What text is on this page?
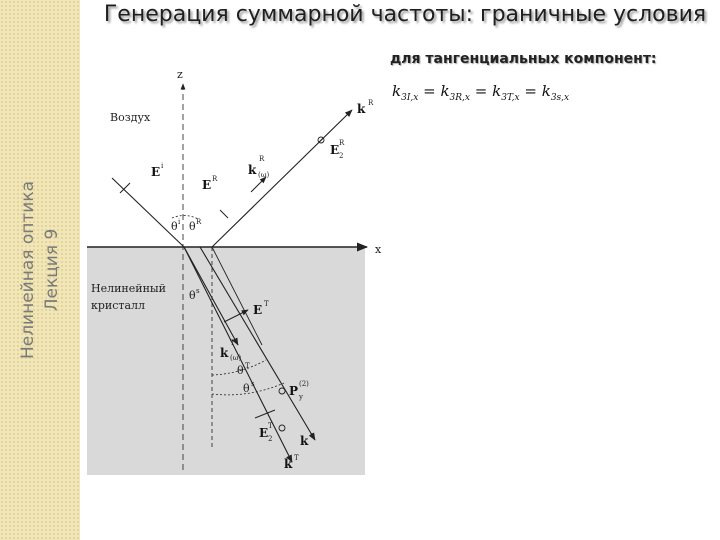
Нелинейная оптика Лекция 9
Генерация суммарной частоты: граничные условия
для тангенциальных компонент:
$k_{3I,x} = k_{3R,x} = k_{3T,x} = k_{3s,x}$
z
x
Воздух
Нелинейный
кристалл
E i
E R
k R
k (ω)
R
E 2
R
θ i θ R
θ s
E T
k (ω)
T
θ T
θ s	P y
(2)
E 2
T
k s
k T
